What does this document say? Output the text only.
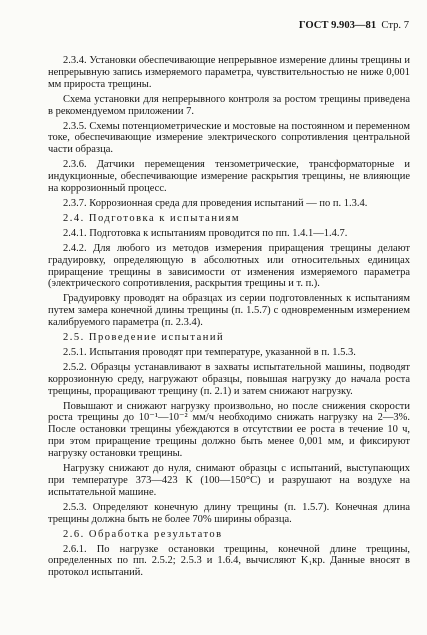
ГОСТ 9.903—81 Стр. 7

2.3.4. Установки обеспечивающие непрерывное измерение длины трещины и непрерывную запись измеряемого параметра, чувствительностью не ниже 0,001 мм прироста трещины.

Схема установки для непрерывного контроля за ростом трещины приведена в рекомендуемом приложении 7.

2.3.5. Схемы потенциометрические и мостовые на постоянном и переменном токе, обеспечивающие измерение электрического сопротивления центральной части образца.

2.3.6. Датчики перемещения тензометрические, трансформаторные и индукционные, обеспечивающие измерение раскрытия трещины, не влияющие на коррозионный процесс.

2.3.7. Коррозионная среда для проведения испытаний — по п. 1.3.4.

2.4. Подготовка к испытаниям

2.4.1. Подготовка к испытаниям проводится по пп. 1.4.1—1.4.7.

2.4.2. Для любого из методов измерения приращения трещины делают градуировку, определяющую в абсолютных или относительных единицах приращение трещины в зависимости от изменения измеряемого параметра (электрического сопротивления, раскрытия трещины и т. п.).

Градуировку проводят на образцах из серии подготовленных к испытаниям путем замера конечной длины трещины (п. 1.5.7) с одновременным измерением калибруемого параметра (п. 2.3.4).

2.5. Проведение испытаний

2.5.1. Испытания проводят при температуре, указанной в п. 1.5.3.

2.5.2. Образцы устанавливают в захваты испытательной машины, подводят коррозионную среду, нагружают образцы, повышая нагрузку до начала роста трещины, проращивают трещину (п. 2.1) и затем снижают нагрузку.

Повышают и снижают нагрузку произвольно, но после снижения скорости роста трещины до 10⁻¹—10⁻² мм/ч необходимо снижать нагрузку на 2—3%. После остановки трещины убеждаются в отсутствии ее роста в течение 10 ч, при этом приращение трещины должно быть менее 0,001 мм, и фиксируют нагрузку остановки трещины.

Нагрузку снижают до нуля, снимают образцы с испытаний, выступающих при температуре 373—423 К (100—150°С) и разрушают на воздухе на испытательной машине.

2.5.3. Определяют конечную длину трещины (п. 1.5.7). Конечная длина трещины должна быть не более 70% ширины образца.

2.6. Обработка результатов

2.6.1. По нагрузке остановки трещины, конечной длине трещины, определенных по пп. 2.5.2; 2.5.3 и 1.6.4, вычисляют K₁кр. Данные вносят в протокол испытаний.
